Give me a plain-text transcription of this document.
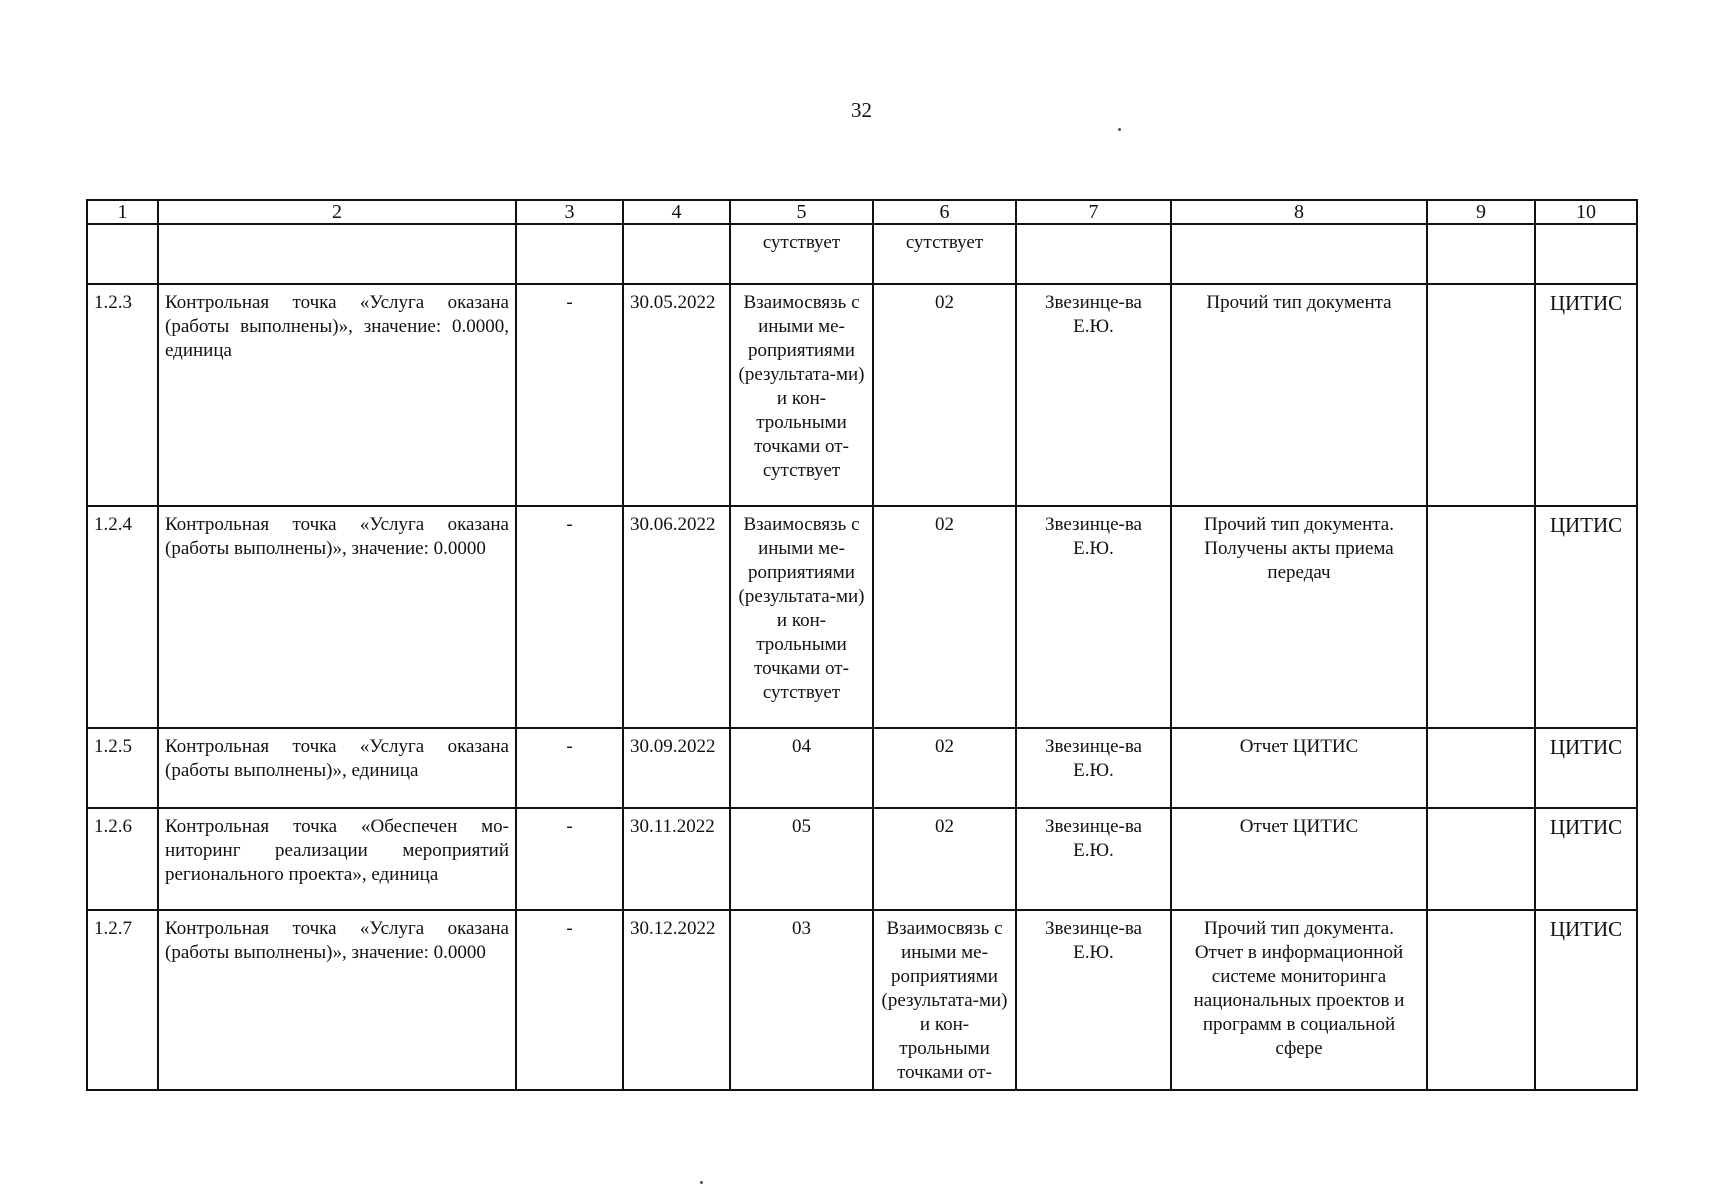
32
1	2	3	4	5	6	7	8	9	10
				сутствует	сутствует				
1.2.3	Контрольная точка «Услуга оказана (работы выполнены)», значение: 0.0000, единица	-	30.05.2022	Взаимосвязь с иными ме-роприятиями (результата-ми) и кон-трольными точками от-сутствует	02	Звезинце-ва Е.Ю.	Прочий тип документа		ЦИТИС
1.2.4	Контрольная точка «Услуга оказана (работы выполнены)», значение: 0.0000	-	30.06.2022	Взаимосвязь с иными ме-роприятиями (результата-ми) и кон-трольными точками от-сутствует	02	Звезинце-ва Е.Ю.	Прочий тип документа. Получены акты приема передач		ЦИТИС
1.2.5	Контрольная точка «Услуга оказана (работы выполнены)», единица	-	30.09.2022	04	02	Звезинце-ва Е.Ю.	Отчет ЦИТИС		ЦИТИС
1.2.6	Контрольная точка «Обеспечен мо-ниторинг реализации мероприятий регионального проекта», единица	-	30.11.2022	05	02	Звезинце-ва Е.Ю.	Отчет ЦИТИС		ЦИТИС
1.2.7	Контрольная точка «Услуга оказана (работы выполнены)», значение: 0.0000	-	30.12.2022	03	Взаимосвязь с иными ме-роприятиями (результата-ми) и кон-трольными точками от-	Звезинце-ва Е.Ю.	Прочий тип документа. Отчет в информационной системе мониторинга национальных проектов и программ в социальной сфере		ЦИТИС
